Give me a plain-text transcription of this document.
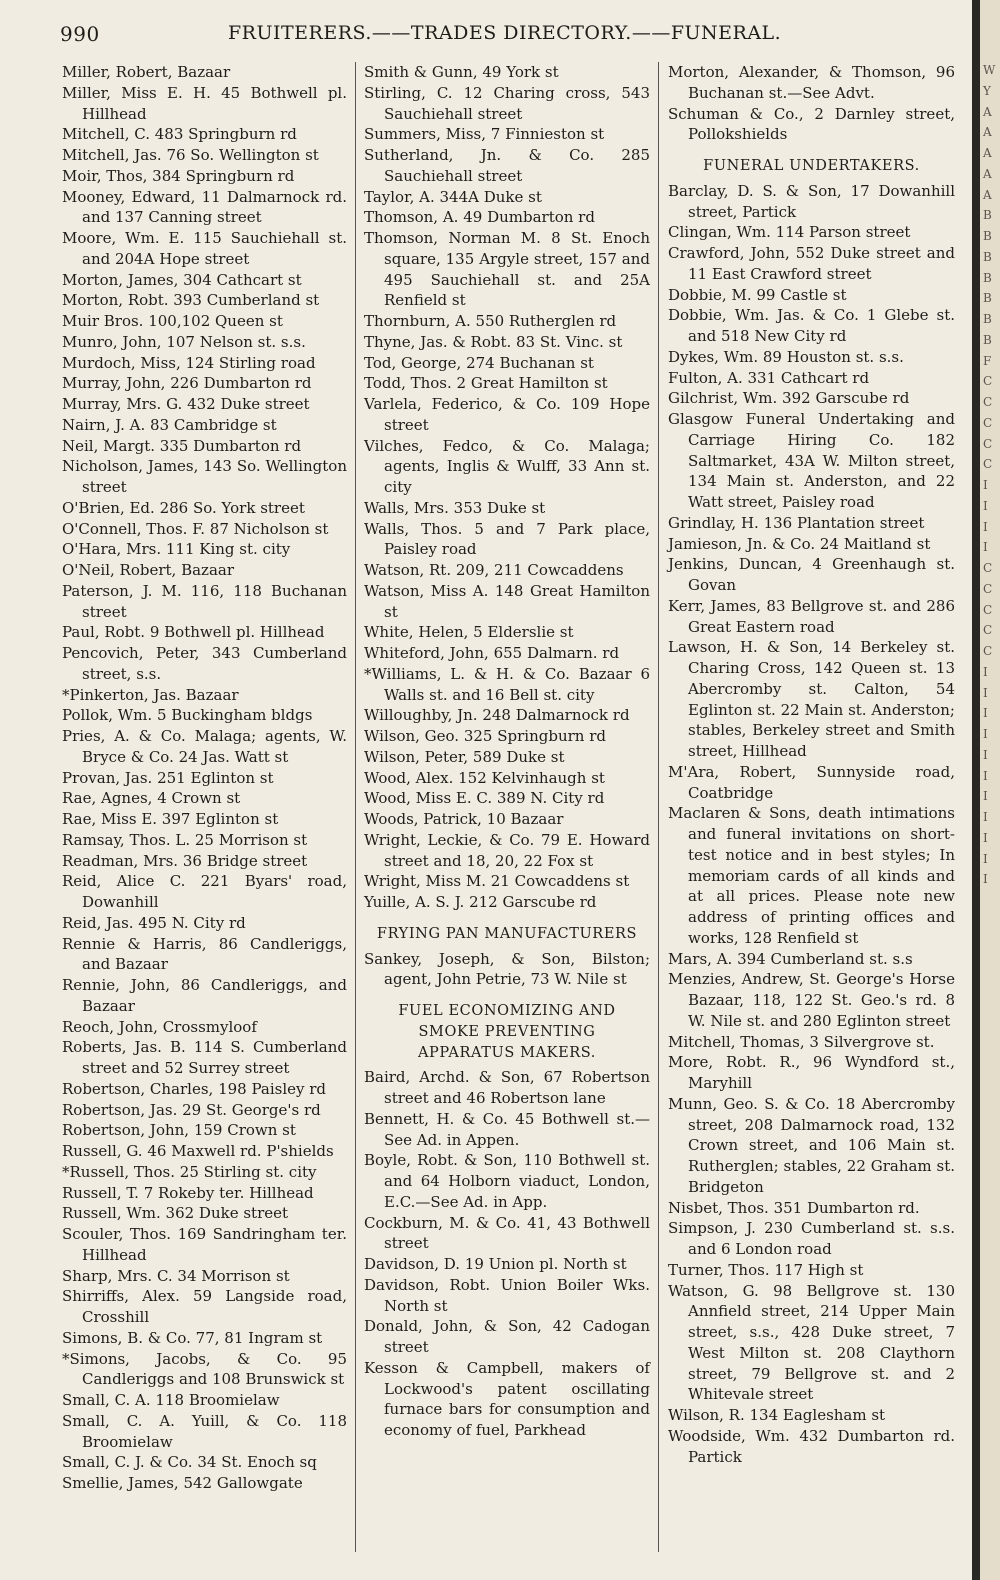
990	FRUITERERS.——TRADES DIRECTORY.——FUNERAL.
Miller, Robert, Bazaar
Miller, Miss E. H. 45 Bothwell pl. Hillhead
Mitchell, C. 483 Springburn rd
Mitchell, Jas. 76 So. Wellington st
Moir, Thos, 384 Springburn rd
Mooney, Edward, 11 Dalmarnock rd. and 137 Canning street
Moore, Wm. E. 115 Sauchiehall st. and 204A Hope street
Morton, James, 304 Cathcart st
Morton, Robt. 393 Cumberland st
Muir Bros. 100,102 Queen st
Munro, John, 107 Nelson st. s.s.
Murdoch, Miss, 124 Stirling road
Murray, John, 226 Dumbarton rd
Murray, Mrs. G. 432 Duke street
Nairn, J. A. 83 Cambridge st
Neil, Margt. 335 Dumbarton rd
Nicholson, James, 143 So. Wellington street
O'Brien, Ed. 286 So. York street
O'Connell, Thos. F. 87 Nicholson st
O'Hara, Mrs. 111 King st. city
O'Neil, Robert, Bazaar
Paterson, J. M. 116, 118 Buchanan street
Paul, Robt. 9 Bothwell pl. Hillhead
Pencovich, Peter, 343 Cumberland street, s.s.
*Pinkerton, Jas. Bazaar
Pollok, Wm. 5 Buckingham bldgs
Pries, A. & Co. Malaga; agents, W. Bryce & Co. 24 Jas. Watt st
Provan, Jas. 251 Eglinton st
Rae, Agnes, 4 Crown st
Rae, Miss E. 397 Eglinton st
Ramsay, Thos. L. 25 Morrison st
Readman, Mrs. 36 Bridge street
Reid, Alice C. 221 Byars' road, Dowanhill
Reid, Jas. 495 N. City rd
Rennie & Harris, 86 Candleriggs, and Bazaar
Rennie, John, 86 Candleriggs, and Bazaar
Reoch, John, Crossmyloof
Roberts, Jas. B. 114 S. Cumberland street and 52 Surrey street
Robertson, Charles, 198 Paisley rd
Robertson, Jas. 29 St. George's rd
Robertson, John, 159 Crown st
Russell, G. 46 Maxwell rd. P'shields
*Russell, Thos. 25 Stirling st. city
Russell, T. 7 Rokeby ter. Hillhead
Russell, Wm. 362 Duke street
Scouler, Thos. 169 Sandringham ter. Hillhead
Sharp, Mrs. C. 34 Morrison st
Shirriffs, Alex. 59 Langside road, Crosshill
Simons, B. & Co. 77, 81 Ingram st
*Simons, Jacobs, & Co. 95 Candleriggs and 108 Brunswick st
Small, C. A. 118 Broomielaw
Small, C. A. Yuill, & Co. 118 Broomielaw
Small, C. J. & Co. 34 St. Enoch sq
Smellie, James, 542 Gallowgate
Smith & Gunn, 49 York st
Stirling, C. 12 Charing cross, 543 Sauchiehall street
Summers, Miss, 7 Finnieston st
Sutherland, Jn. & Co. 285 Sauchiehall street
Taylor, A. 344A Duke st
Thomson, A. 49 Dumbarton rd
Thomson, Norman M. 8 St. Enoch square, 135 Argyle street, 157 and 495 Sauchiehall st. and 25A Renfield st
Thornburn, A. 550 Rutherglen rd
Thyne, Jas. & Robt. 83 St. Vinc. st
Tod, George, 274 Buchanan st
Todd, Thos. 2 Great Hamilton st
Varlela, Federico, & Co. 109 Hope street
Vilches, Fedco, & Co. Malaga; agents, Inglis & Wulff, 33 Ann st. city
Walls, Mrs. 353 Duke st
Walls, Thos. 5 and 7 Park place, Paisley road
Watson, Rt. 209, 211 Cowcaddens
Watson, Miss A. 148 Great Hamilton st
White, Helen, 5 Elderslie st
Whiteford, John, 655 Dalmarn. rd
*Williams, L. & H. & Co. Bazaar 6 Walls st. and 16 Bell st. city
Willoughby, Jn. 248 Dalmarnock rd
Wilson, Geo. 325 Springburn rd
Wilson, Peter, 589 Duke st
Wood, Alex. 152 Kelvinhaugh st
Wood, Miss E. C. 389 N. City rd
Woods, Patrick, 10 Bazaar
Wright, Leckie, & Co. 79 E. Howard street and 18, 20, 22 Fox st
Wright, Miss M. 21 Cowcaddens st
Yuille, A. S. J. 212 Garscube rd
FRYING PAN MANUFACTURERS
Sankey, Joseph, & Son, Bilston; agent, John Petrie, 73 W. Nile st
FUEL ECONOMIZING AND SMOKE PREVENTING APPARATUS MAKERS.
Baird, Archd. & Son, 67 Robertson street and 46 Robertson lane
Bennett, H. & Co. 45 Bothwell st.—See Ad. in Appen.
Boyle, Robt. & Son, 110 Bothwell st. and 64 Holborn viaduct, London, E.C.—See Ad. in App.
Cockburn, M. & Co. 41, 43 Bothwell street
Davidson, D. 19 Union pl. North st
Davidson, Robt. Union Boiler Wks. North st
Donald, John, & Son, 42 Cadogan street
Kesson & Campbell, makers of Lockwood's patent oscillating furnace bars for consumption and economy of fuel, Parkhead
Morton, Alexander, & Thomson, 96 Buchanan st.—See Advt.
Schuman & Co., 2 Darnley street, Pollokshields
FUNERAL UNDERTAKERS.
Barclay, D. S. & Son, 17 Dowanhill street, Partick
Clingan, Wm. 114 Parson street
Crawford, John, 552 Duke street and 11 East Crawford street
Dobbie, M. 99 Castle st
Dobbie, Wm. Jas. & Co. 1 Glebe st. and 518 New City rd
Dykes, Wm. 89 Houston st. s.s.
Fulton, A. 331 Cathcart rd
Gilchrist, Wm. 392 Garscube rd
Glasgow Funeral Undertaking and Carriage Hiring Co. 182 Saltmarket, 43A W. Milton street, 134 Main st. Anderston, and 22 Watt street, Paisley road
Grindlay, H. 136 Plantation street
Jamieson, Jn. & Co. 24 Maitland st
Jenkins, Duncan, 4 Greenhaugh st. Govan
Kerr, James, 83 Bellgrove st. and 286 Great Eastern road
Lawson, H. & Son, 14 Berkeley st. Charing Cross, 142 Queen st. 13 Abercromby st. Calton, 54 Eglinton st. 22 Main st. Anderston; stables, Berkeley street and Smith street, Hillhead
M'Ara, Robert, Sunnyside road, Coatbridge
Maclaren & Sons, death intimations and funeral invitations on short-test notice and in best styles; In memoriam cards of all kinds and at all prices. Please note new address of printing offices and works, 128 Renfield st
Mars, A. 394 Cumberland st. s.s
Menzies, Andrew, St. George's Horse Bazaar, 118, 122 St. Geo.'s rd. 8 W. Nile st. and 280 Eglinton street
Mitchell, Thomas, 3 Silvergrove st.
More, Robt. R., 96 Wyndford st., Maryhill
Munn, Geo. S. & Co. 18 Abercromby street, 208 Dalmarnock road, 132 Crown street, and 106 Main st. Rutherglen; stables, 22 Graham st. Bridgeton
Nisbet, Thos. 351 Dumbarton rd.
Simpson, J. 230 Cumberland st. s.s. and 6 London road
Turner, Thos. 117 High st
Watson, G. 98 Bellgrove st. 130 Annfield street, 214 Upper Main street, s.s., 428 Duke street, 7 West Milton st. 208 Claythorn street, 79 Bellgrove st. and 2 Whitevale street
Wilson, R. 134 Eaglesham st
Woodside, Wm. 432 Dumbarton rd. Partick
W
Y
A
A
A
A
A
B
B
B
B
B
B
B
F
C
C
C
C
C
I
I
I
I
C
C
C
C
C
I
I
I
I
I
I
I
I
I
I
I
